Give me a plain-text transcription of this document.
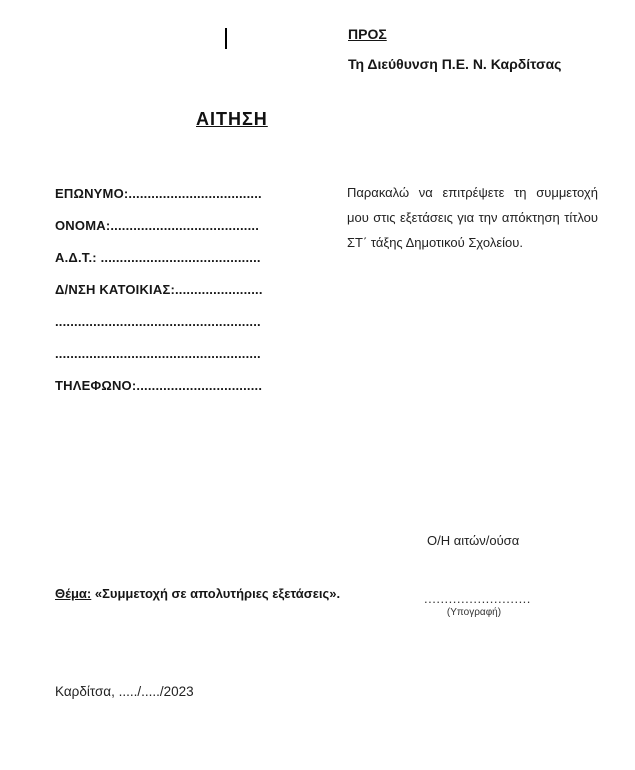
ΠΡΟΣ
Τη Διεύθυνση Π.Ε. Ν. Καρδίτσας
ΑΙΤΗΣΗ
ΕΠΩΝΥΜΟ:...................................
ΟΝΟΜΑ:.......................................
Α.Δ.Τ.: ..........................................
Δ/ΝΣΗ ΚΑΤΟΙΚΙΑΣ:.......................
......................................................
......................................................
ΤΗΛΕΦΩΝΟ:.................................
Παρακαλώ να επιτρέψετε τη συμμετοχή μου στις εξετάσεις για την απόκτηση τίτλου ΣΤ΄ τάξης Δημοτικού Σχολείου.
Ο/Η αιτών/ούσα
Θέμα: «Συμμετοχή σε απολυτήριες εξετάσεις».	..........................
(Υπογραφή)
Καρδίτσα, ...../...../2023
